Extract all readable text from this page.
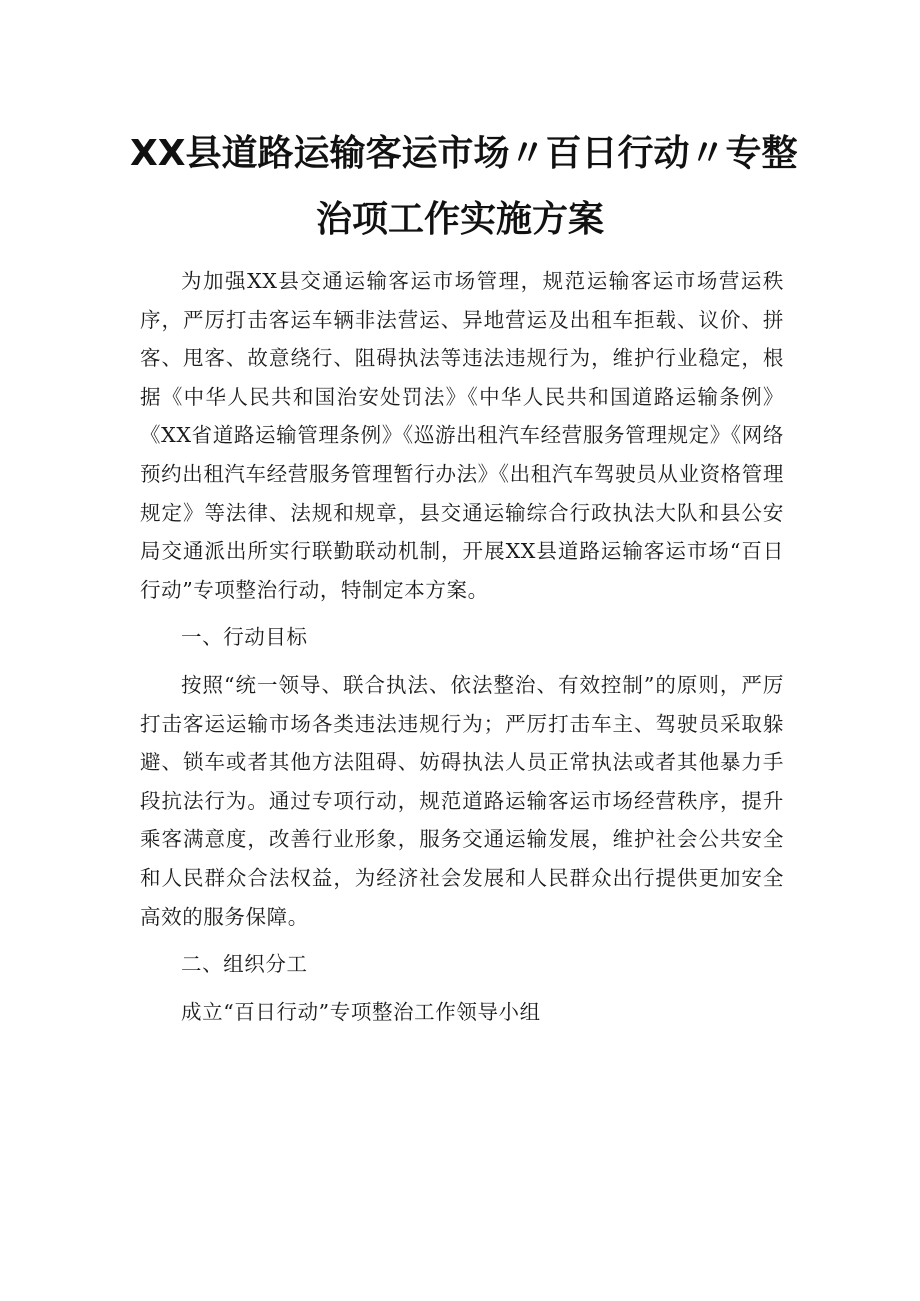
XX县道路运输客运市场〃百日行动〃专整
治项工作实施方案

为加强XX县交通运输客运市场管理，规范运输客运市场营运秩序，严厉打击客运车辆非法营运、异地营运及出租车拒载、议价、拼客、甩客、故意绕行、阻碍执法等违法违规行为，维护行业稳定，根据《中华人民共和国治安处罚法》《中华人民共和国道路运输条例》《XX省道路运输管理条例》《巡游出租汽车经营服务管理规定》《网络预约出租汽车经营服务管理暂行办法》《出租汽车驾驶员从业资格管理规定》等法律、法规和规章，县交通运输综合行政执法大队和县公安局交通派出所实行联勤联动机制，开展XX县道路运输客运市场“百日行动”专项整治行动，特制定本方案。

一、行动目标

按照“统一领导、联合执法、依法整治、有效控制”的原则，严厉打击客运运输市场各类违法违规行为；严厉打击车主、驾驶员采取躲避、锁车或者其他方法阻碍、妨碍执法人员正常执法或者其他暴力手段抗法行为。通过专项行动，规范道路运输客运市场经营秩序，提升乘客满意度，改善行业形象，服务交通运输发展，维护社会公共安全和人民群众合法权益，为经济社会发展和人民群众出行提供更加安全高效的服务保障。

二、组织分工

成立“百日行动”专项整治工作领导小组
